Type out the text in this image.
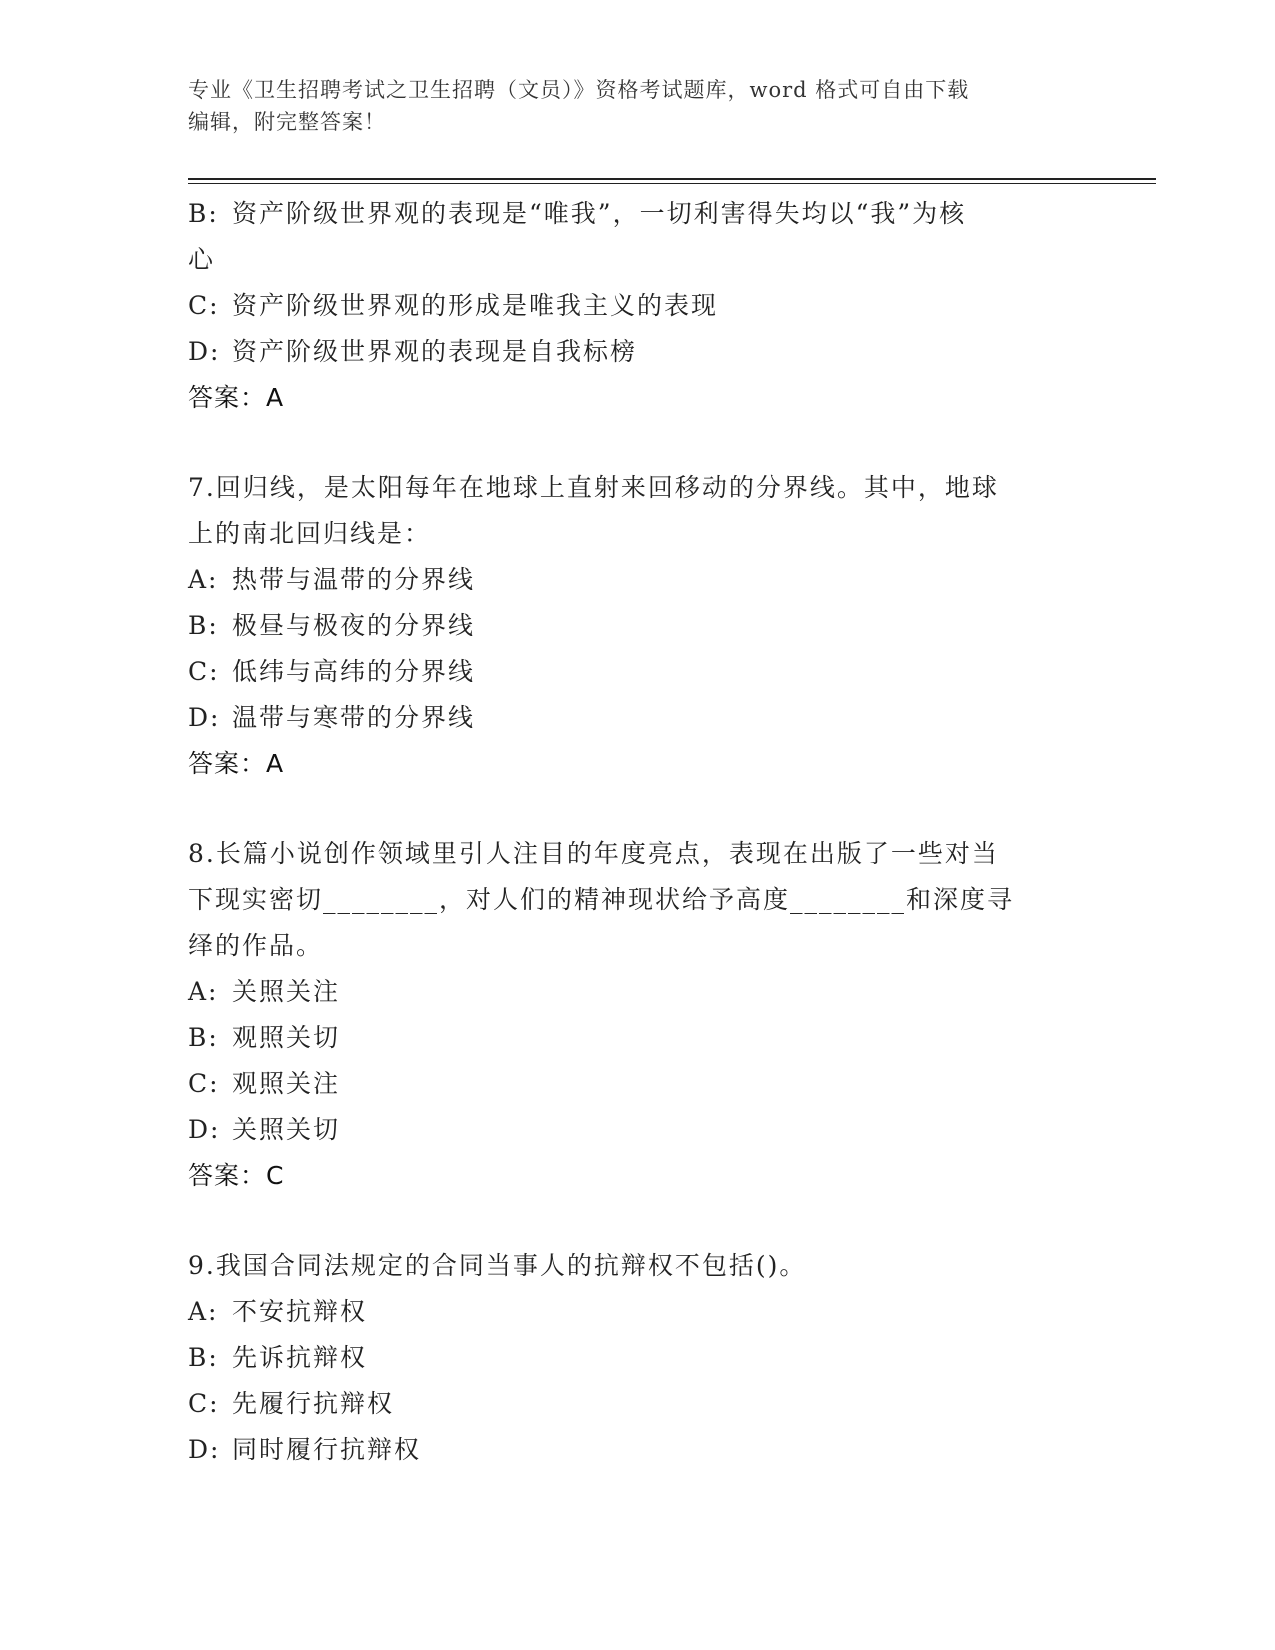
专业《卫生招聘考试之卫生招聘（文员）》资格考试题库，word 格式可自由下载
编辑，附完整答案！
B: 资产阶级世界观的表现是“唯我”，一切利害得失均以“我”为核
心
C: 资产阶级世界观的形成是唯我主义的表现
D: 资产阶级世界观的表现是自我标榜
答案：A
7.回归线，是太阳每年在地球上直射来回移动的分界线。其中，地球
上的南北回归线是：
A: 热带与温带的分界线
B: 极昼与极夜的分界线
C: 低纬与高纬的分界线
D: 温带与寒带的分界线
答案：A
8.长篇小说创作领域里引人注目的年度亮点，表现在出版了一些对当
下现实密切________，对人们的精神现状给予高度________和深度寻
绎的作品。
A: 关照关注
B: 观照关切
C: 观照关注
D: 关照关切
答案：C
9.我国合同法规定的合同当事人的抗辩权不包括()。
A: 不安抗辩权
B: 先诉抗辩权
C: 先履行抗辩权
D: 同时履行抗辩权
